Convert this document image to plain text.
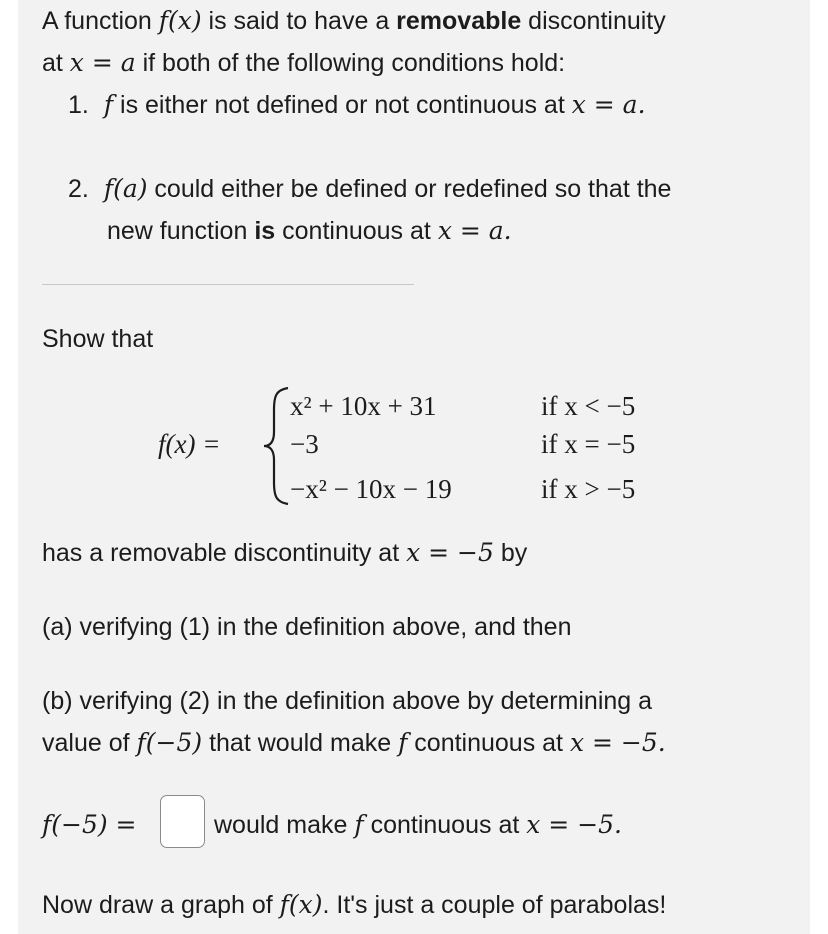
A function f(x) is said to have a removable discontinuity
at x = a if both of the following conditions hold:
1. f is either not defined or not continuous at x = a.
2. f(a) could either be defined or redefined so that the
new function is continuous at x = a.
Show that
f(x) =
x² + 10x + 31	if x < −5
−3	if x = −5
−x² − 10x − 19	if x > −5
has a removable discontinuity at x = −5 by
(a) verifying (1) in the definition above, and then
(b) verifying (2) in the definition above by determining a
value of f(−5) that would make f continuous at x = −5.
f(−5) =	would make f continuous at x = −5.
Now draw a graph of f(x). It's just a couple of parabolas!
